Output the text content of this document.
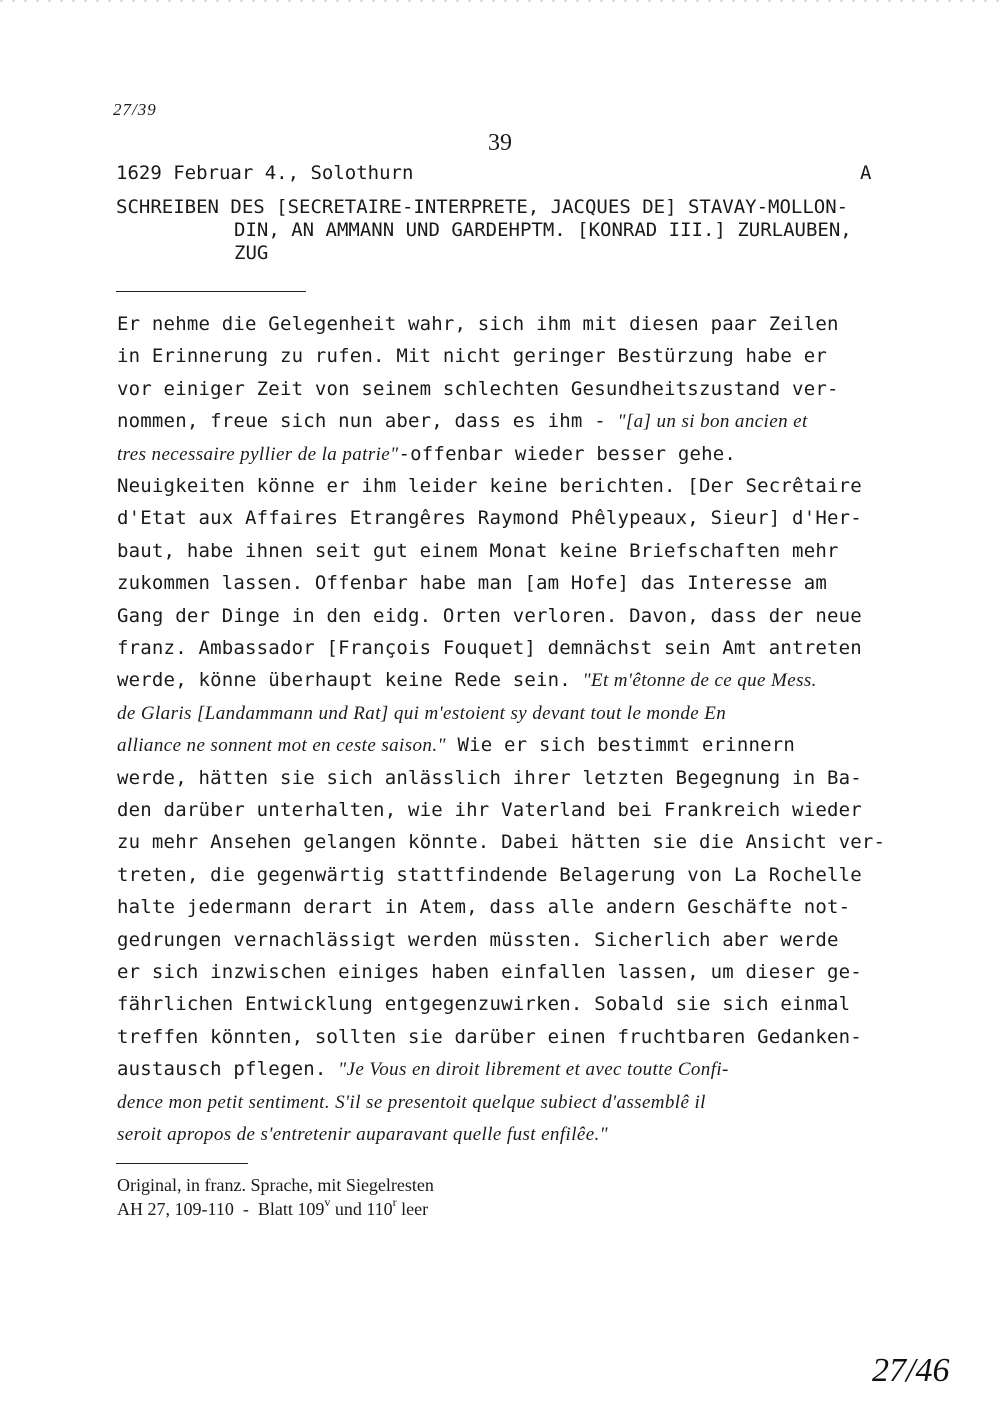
27/39
39
1629 Februar 4., Solothurn	A
SCHREIBEN DES [SECRETAIRE-INTERPRETE, JACQUES DE] STAVAY-MOLLON-
DIN, AN AMMANN UND GARDEHPTM. [KONRAD III.] ZURLAUBEN,
ZUG
Er nehme die Gelegenheit wahr, sich ihm mit diesen paar Zeilen
in Erinnerung zu rufen. Mit nicht geringer Bestürzung habe er
vor einiger Zeit von seinem schlechten Gesundheitszustand ver-
nommen, freue sich nun aber, dass es ihm - "[a] un si bon ancien et
tres necessaire pyllier de la patrie"-offenbar wieder besser gehe.
Neuigkeiten könne er ihm leider keine berichten. [Der Secrêtaire
d'Etat aux Affaires Etrangêres Raymond Phêlypeaux, Sieur] d'Her-
baut, habe ihnen seit gut einem Monat keine Briefschaften mehr
zukommen lassen. Offenbar habe man [am Hofe] das Interesse am
Gang der Dinge in den eidg. Orten verloren. Davon, dass der neue
franz. Ambassador [François Fouquet] demnächst sein Amt antreten
werde, könne überhaupt keine Rede sein. "Et m'êtonne de ce que Mess.
de Glaris [Landammann und Rat] qui m'estoient sy devant tout le monde En
alliance ne sonnent mot en ceste saison." Wie er sich bestimmt erinnern
werde, hätten sie sich anlässlich ihrer letzten Begegnung in Ba-
den darüber unterhalten, wie ihr Vaterland bei Frankreich wieder
zu mehr Ansehen gelangen könnte. Dabei hätten sie die Ansicht ver-
treten, die gegenwärtig stattfindende Belagerung von La Rochelle
halte jedermann derart in Atem, dass alle andern Geschäfte not-
gedrungen vernachlässigt werden müssten. Sicherlich aber werde
er sich inzwischen einiges haben einfallen lassen, um dieser ge-
fährlichen Entwicklung entgegenzuwirken. Sobald sie sich einmal
treffen könnten, sollten sie darüber einen fruchtbaren Gedanken-
austausch pflegen. "Je Vous en diroit librement et avec toutte Confi-
dence mon petit sentiment. S'il se presentoit quelque subiect d'assemblê il
seroit apropos de s'entretenir auparavant quelle fust enfilêe."
Original, in franz. Sprache, mit Siegelresten
AH 27, 109-110  -  Blatt 109$^v$ und 110$^r$ leer
27/46
